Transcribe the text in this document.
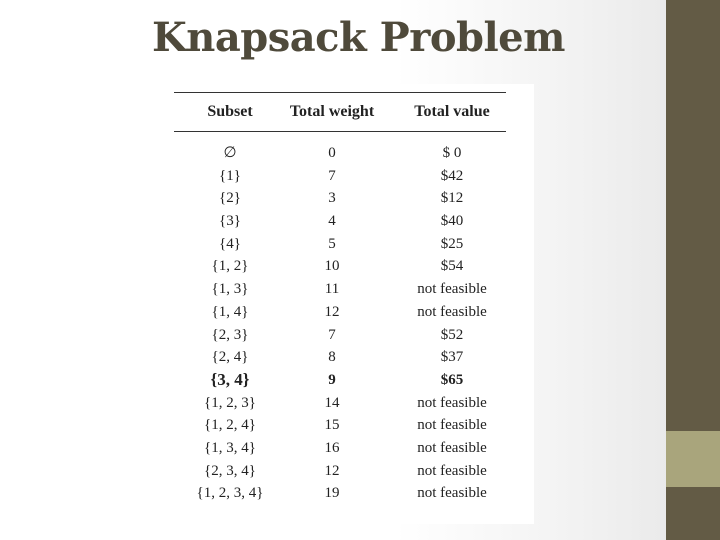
Knapsack Problem
Subset	Total weight	Total value
∅	0	$ 0
{1}	7	$42
{2}	3	$12
{3}	4	$40
{4}	5	$25
{1, 2}	10	$54
{1, 3}	11	not feasible
{1, 4}	12	not feasible
{2, 3}	7	$52
{2, 4}	8	$37
{3, 4}	9	$65
{1, 2, 3}	14	not feasible
{1, 2, 4}	15	not feasible
{1, 3, 4}	16	not feasible
{2, 3, 4}	12	not feasible
{1, 2, 3, 4}	19	not feasible
